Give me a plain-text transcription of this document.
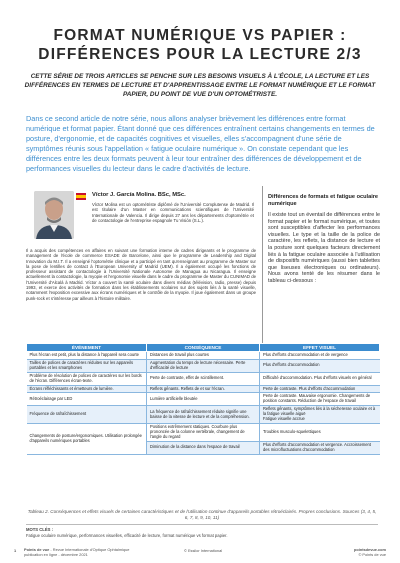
FORMAT NUMÉRIQUE VS PAPIER :
DIFFÉRENCES POUR LA LECTURE 2/3
CETTE SÉRIE DE TROIS ARTICLES SE PENCHE SUR LES BESOINS VISUELS À L'ÉCOLE, LA LECTURE ET LES DIFFÉRENCES EN TERMES DE LECTURE ET D'APPRENTISSAGE ENTRE LE FORMAT NUMÉRIQUE ET LE FORMAT PAPIER, DU POINT DE VUE D'UN OPTOMÉTRISTE.
Dans ce second article de notre série, nous allons analyser brièvement les différences entre format numérique et format papier. Étant donné que ces différences entraînent certains changements en termes de posture, d'ergonomie, et de capacités cognitives et visuelles, elles s'accompagnent d'une série de symptômes réunis sous l'appellation « fatigue oculaire numérique ». On constate cependant que les différences entre les deux formats peuvent à leur tour entraîner des différences de développement et de performances visuelles du lecteur dans le cadre d'activités de lecture.
Víctor J. García Molina. BSc, MSc.
Víctor Molina est un optométriste diplômé de l'Université Complutense de Madrid. Il est titulaire d'un Master en communications scientifiques de l'Université Internationale de Valencia. Il dirige depuis 27 ans les départements d'optométrie et de contactologie de l'entreprise espagnole Tu Visión (S.L.).
Il a acquis des compétences en affaires en suivant une formation interne de cadres dirigeants et le programme de management de l'école de commerce ESADE de Barcelone, ainsi que le programme de Leadership and Digital Innovation du M.I.T. Il a enseigné l'optométrie clinique et a participé en tant qu'enseignant au programme de Master sur la pose de lentilles de contact à l'European University of Madrid (UEM). Il a également occupé les fonctions de professeur assistant de contactologie à l'Université Nationale Autonome de Managua au Nicaragua. Il enseigne actuellement la contactologie, la myopie et l'ergonomie visuelle dans le cadre du programme de Master du CUNIMAD de l'Université d'Alcalá à Madrid. Víctor a couvert la santé oculaire dans divers médias (télévision, radio, presse) depuis 1993, et exerce des activités de formation dans les établissements scolaires sur des sujets liés à la santé visuelle, notamment l'exposition excessive aux écrans numériques et le contrôle de la myopie. Il joue également dans un groupe punk-rock et s'intéresse par ailleurs à l'histoire militaire.
Différences de formats et fatigue oculaire numérique
Il existe tout un éventail de différences entre le format papier et le format numérique, et toutes sont susceptibles d'affecter les performances visuelles. Le type et la taille de la police de caractère, les reflets, la distance de lecture et la posture sont quelques facteurs directement liés à la fatigue oculaire associée à l'utilisation de dispositifs numériques (aussi bien tablettes que liseuses électroniques ou ordinateurs). Nous avons tenté de les résumer dans le tableau ci-dessous :
ÉVÉNEMENT	CONSÉQUENCE	EFFET VISUEL
Plus l'écran est petit, plus la distance à l'appareil sera courte	Distances de travail plus courtes	Plus d'efforts d'accommodation et de vergence
Tailles de polices de caractères réduites sur les appareils portables et les smartphones	Augmentation du temps de lecture nécessaire. Perte d'efficacité de lecture	Plus d'efforts d'accommodation
Problème de résolution de polices de caractères sur les bords de l'écran. Différences écran-texte.	Perte de contraste, effet de scintillement.	Difficulté d'accommodation. Plus d'efforts visuels en général
Écrans réfléchissants et émetteurs de lumière.	Reflets gênants. Reflets de et sur l'écran.	Perte de contraste. Plus d'efforts d'accommodation
Rétroéclairage par LED	Lumière artificielle bleutée	Perte de contraste. Mauvaise ergonomie. Changements de position constants. Réduction de l'espace de travail
Fréquence de rafraîchissement	La fréquence de rafraîchissement réduite signifie une baisse de la vitesse de lecture et de la compréhension.	Reflets gênants, symptômes liés à la sécheresse oculaire et à la fatigue visuelle aiguë
Fatigue visuelle accrue
Changements de posture/ergonomiques. Utilisation prolongée d'appareils numériques portables	Positions extrêmement statiques. Courbure plus prononcée de la colonne vertébrale, changement de l'angle du regard	Troubles musculo-squelettiques
	Diminution de la distance dans l'espace de travail	Plus d'efforts d'accommodation et vergence. Accroissement des microfluctuations d'accommodation
Tableau 2. Conséquences et effets visuels de certaines caractéristiques et de l'utilisation continue d'appareils portables rétroéclairés. Propres conclusions. Sources (3, 4, 5, 6, 7, 8, 9, 10, 11)
MOTS CLÉS :
Fatigue oculaire numérique, performances visuelles, efficacité de lecture, format numérique vs format papier.
1 Points de vue - Revue Internationale d'Optique Ophtalmique publication en ligne - décembre 2021
© Essilor International	pointsdevue.com
© Points de vue
